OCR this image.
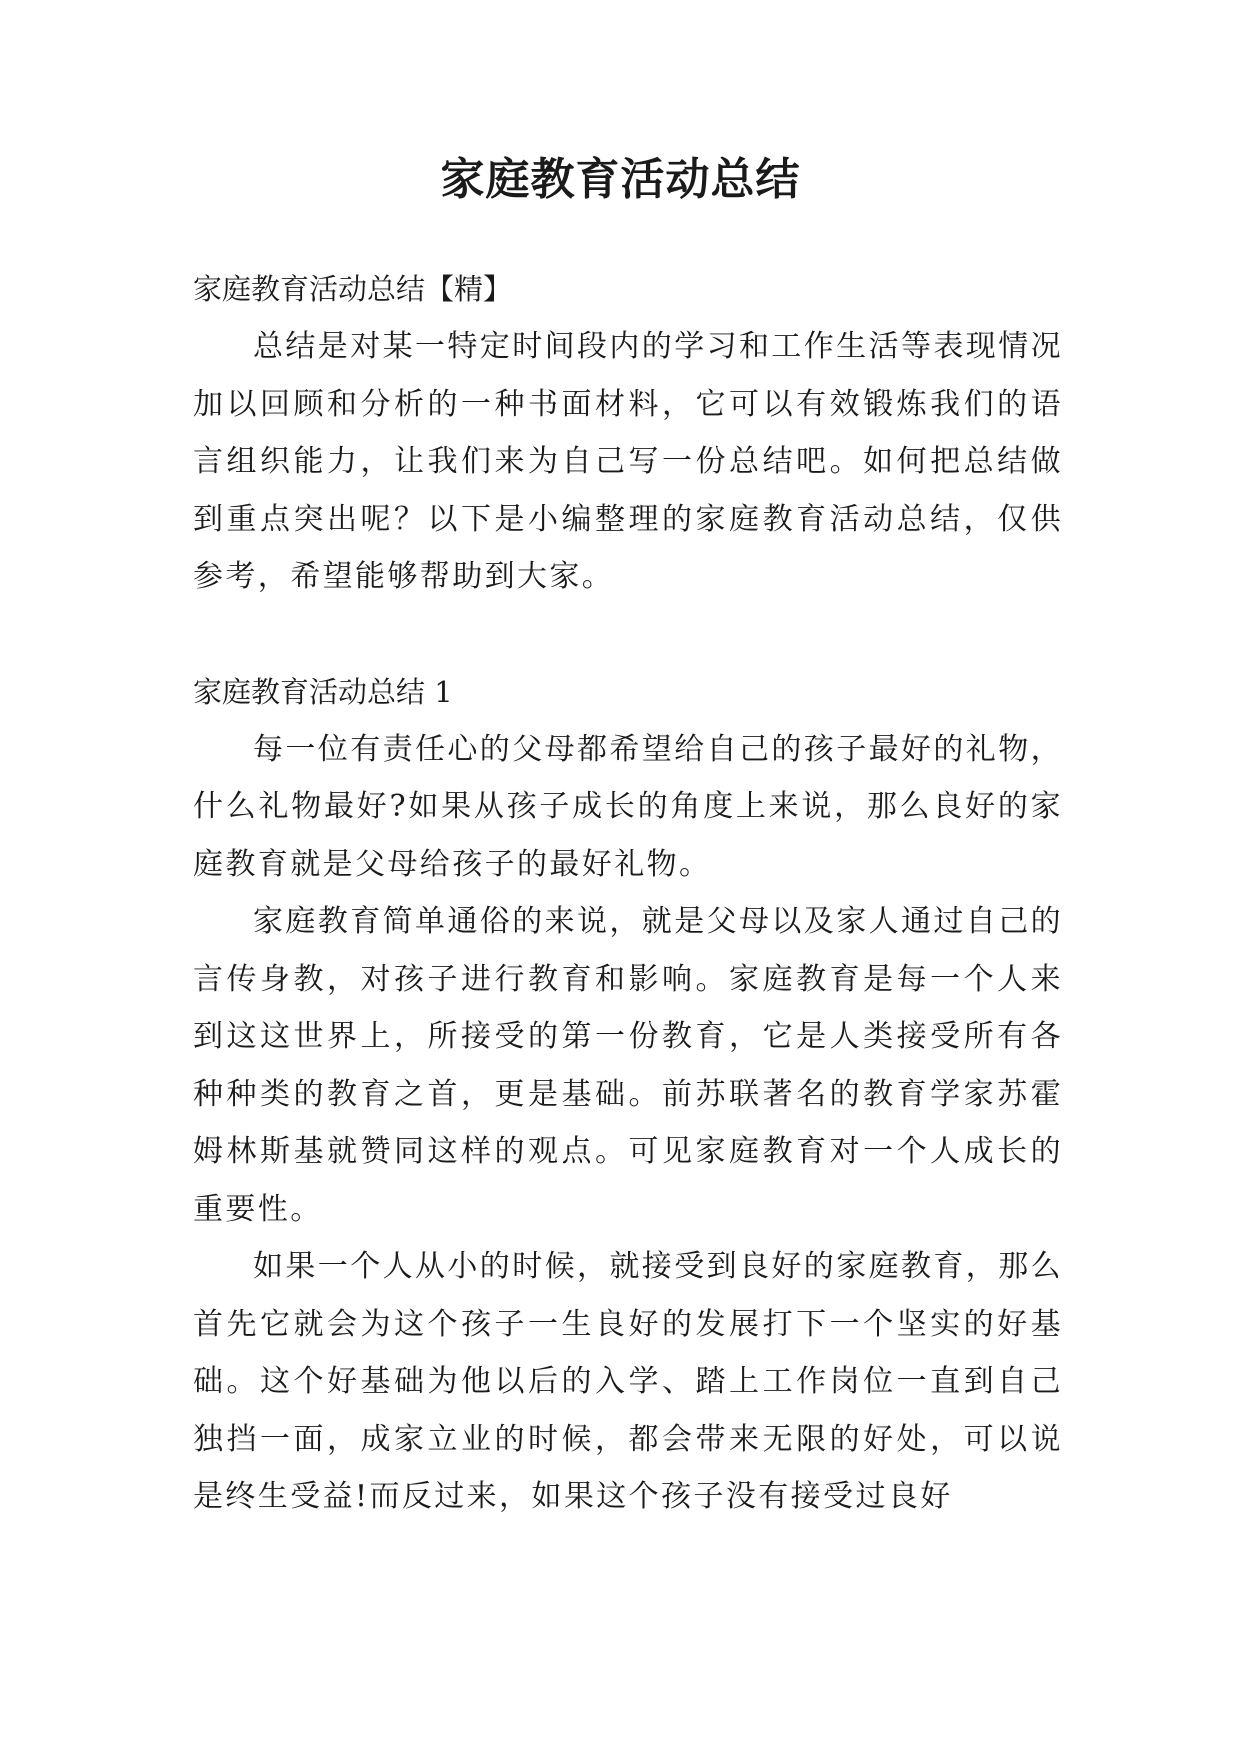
家庭教育活动总结

家庭教育活动总结【精】

总结是对某一特定时间段内的学习和工作生活等表现情况加以回顾和分析的一种书面材料，它可以有效锻炼我们的语言组织能力，让我们来为自己写一份总结吧。如何把总结做到重点突出呢？以下是小编整理的家庭教育活动总结，仅供参考，希望能够帮助到大家。

家庭教育活动总结 1

每一位有责任心的父母都希望给自己的孩子最好的礼物，什么礼物最好?如果从孩子成长的角度上来说，那么良好的家庭教育就是父母给孩子的最好礼物。

家庭教育简单通俗的来说，就是父母以及家人通过自己的言传身教，对孩子进行教育和影响。家庭教育是每一个人来到这这世界上，所接受的第一份教育，它是人类接受所有各种种类的教育之首，更是基础。前苏联著名的教育学家苏霍姆林斯基就赞同这样的观点。可见家庭教育对一个人成长的重要性。

如果一个人从小的时候，就接受到良好的家庭教育，那么首先它就会为这个孩子一生良好的发展打下一个坚实的好基础。这个好基础为他以后的入学、踏上工作岗位一直到自己独挡一面，成家立业的时候，都会带来无限的好处，可以说是终生受益!而反过来，如果这个孩子没有接受过良好
